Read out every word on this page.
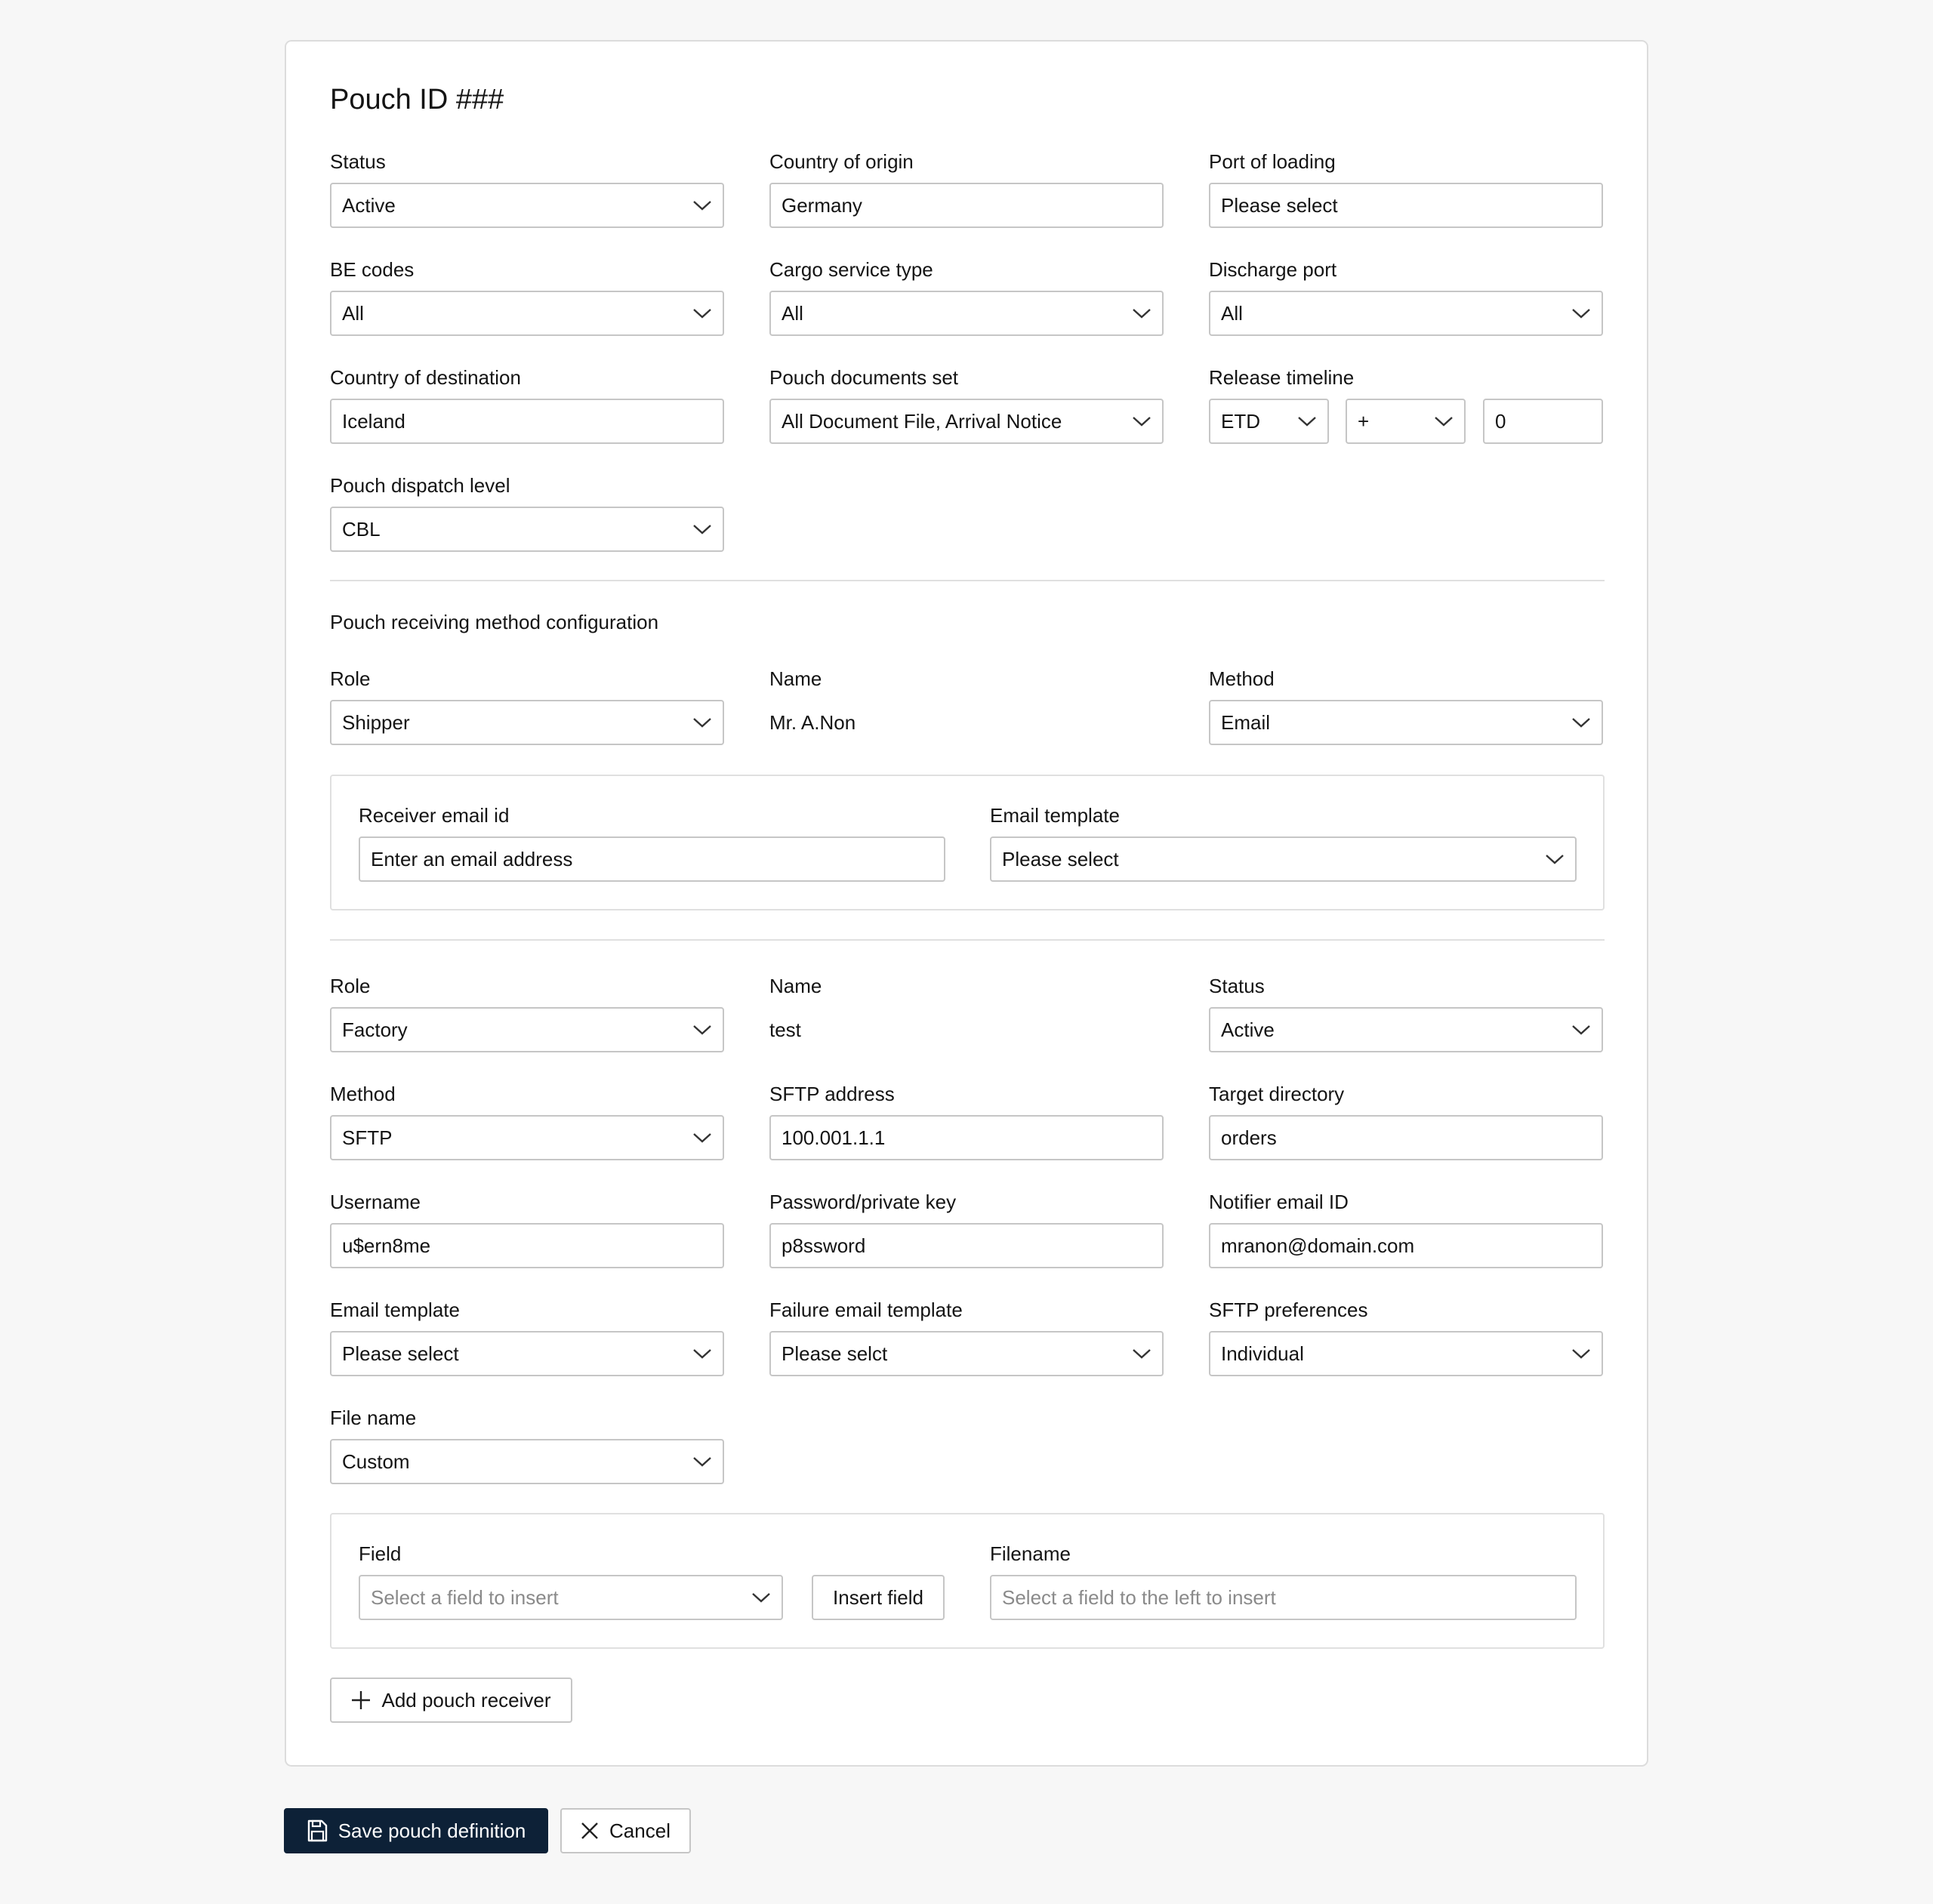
Pouch ID ###
Status
Active
Country of origin
Germany
Port of loading
Please select
BE codes
All
Cargo service type
All
Discharge port
All
Country of destination
Iceland
Pouch documents set
All Document File, Arrival Notice
Release timeline
ETD	+	0
Pouch dispatch level
CBL
Pouch receiving method configuration
Role
Shipper
Name
Mr. A.Non
Method
Email
Receiver email id
Enter an email address
Email template
Please select
Role
Factory
Name
test
Status
Active
Method
SFTP
SFTP address
100.001.1.1
Target directory
orders
Username
u$ern8me
Password/private key
p8ssword
Notifier email ID
mranon@domain.com
Email template
Please select
Failure email template
Please selct
SFTP preferences
Individual
File name
Custom
Field
Select a field to insert	Insert field
Filename
Select a field to the left to insert
Add pouch receiver
Save pouch definition	Cancel
